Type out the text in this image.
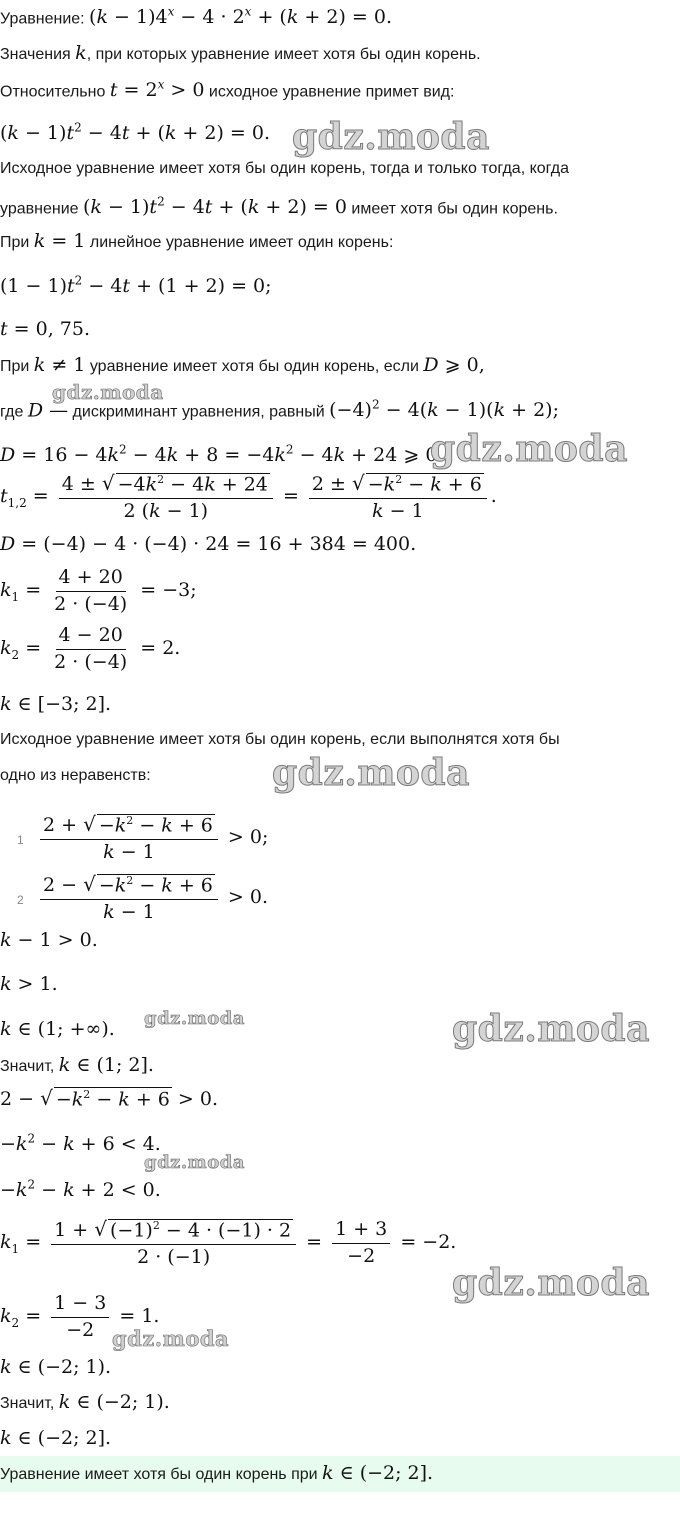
Уравнение: $(k - 1)4^x - 4 \cdot 2^x + (k + 2) = 0$.
Значения k, при которых уравнение имеет хотя бы один корень.
Относительно $t = 2^x > 0$ исходное уравнение примет вид:
$(k - 1)t^2 - 4t + (k + 2) = 0$. gdz.moda
Исходное уравнение имеет хотя бы один корень, тогда и только тогда, когда
уравнение $(k - 1)t^2 - 4t + (k + 2) = 0$ имеет хотя бы один корень.
При k = 1 линейное уравнение имеет один корень:
$(1 - 1)t^2 - 4t + (1 + 2) = 0$;
t = 0, 75.
При k ≠ 1 уравнение имеет хотя бы один корень, если D ⩾ 0,
gdz.moda
где D — дискриминант уравнения, равный $(-4)^2 - 4(k - 1)(k + 2)$;
$D = 16 - 4k^2 - 4k + 8 = -4k^2 - 4k + 24$ ⩾ 0.
gdz.moda
$t_{1,2} = \frac{4 \pm √ -4k^2 - 4k + 24}{2 (k - 1)} = \frac{2 \pm √ -k^2 - k + 6}{k - 1}$ .
D = (−4) − 4 · (−4) · 24 = 16 + 384 = 400.
$k_1 = \frac{4 + 20}{2 \cdot (-4)} = -3$;
$k_2 = \frac{4 - 20}{2 \cdot (-4)} = 2$.
k ∈ [−3; 2].
Исходное уравнение имеет хотя бы один корень, если выполнятся хотя бы
одно из неравенств:	gdz.moda
$1 \frac{2 + √ -k^2 - k + 6}{k - 1} > 0$;
$2 \frac{2 - √ -k^2 - k + 6}{k - 1} > 0$.
k − 1 > 0.
k > 1.
k ∈ (1; +∞). gdz.moda	gdz.moda
Значит, k ∈ (1; 2].
2 − √ $-k^2 - k + 6 > 0$.
$-k^2 - k + 6 < 4$.
gdz.moda
$-k^2 - k + 2 < 0$.
$k_1 = \frac{1 + √ (-1)^2 - 4 \cdot (-1) \cdot 2}{2 \cdot (-1)} = \frac{1 + 3}{-2} = -2$.
gdz.moda
$k_2 = \frac{1 - 3}{-2} = 1$.
gdz.moda
k ∈ (−2; 1).
Значит, k ∈ (−2; 1).
k ∈ (−2; 2].
Уравнение имеет хотя бы один корень при k ∈ (−2; 2].
